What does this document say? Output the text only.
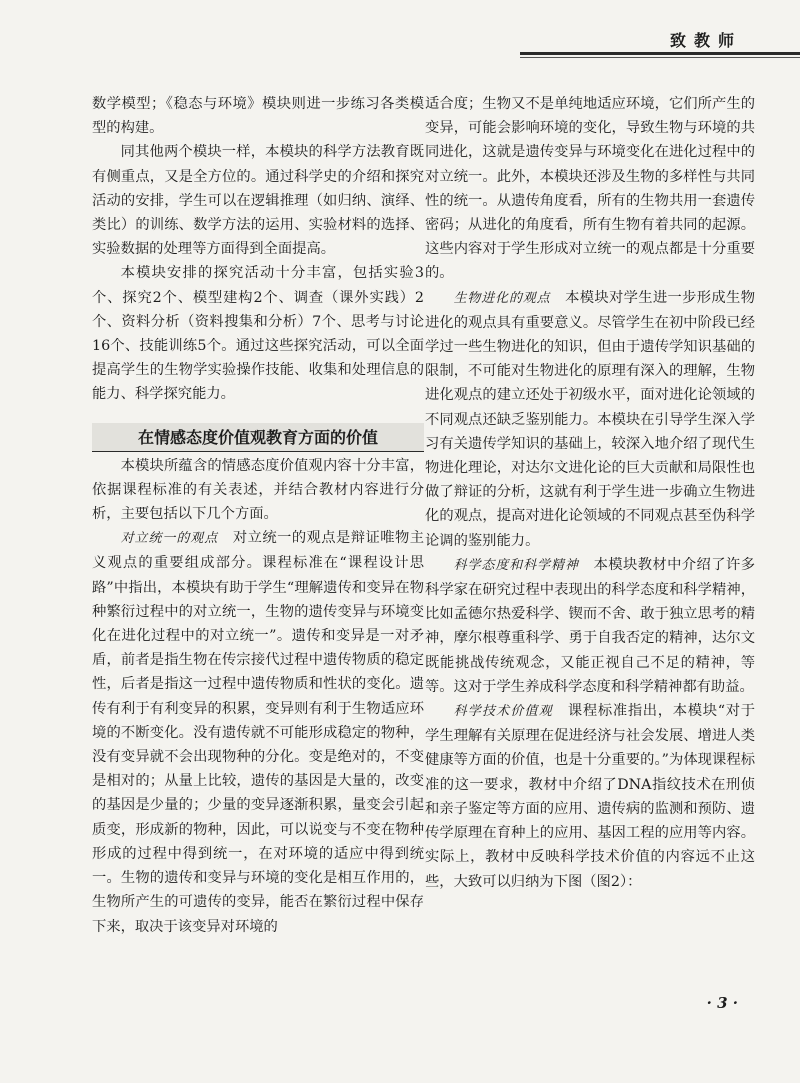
致教师

数学模型；《稳态与环境》模块则进一步练习各类模型的构建。

同其他两个模块一样，本模块的科学方法教育既有侧重点，又是全方位的。通过科学史的介绍和探究活动的安排，学生可以在逻辑推理（如归纳、演绎、类比）的训练、数学方法的运用、实验材料的选择、实验数据的处理等方面得到全面提高。

本模块安排的探究活动十分丰富，包括实验3个、探究2个、模型建构2个、调查（课外实践）2个、资料分析（资料搜集和分析）7个、思考与讨论16个、技能训练5个。通过这些探究活动，可以全面提高学生的生物学实验操作技能、收集和处理信息的能力、科学探究能力。

在情感态度价值观教育方面的价值

本模块所蕴含的情感态度价值观内容十分丰富，依据课程标准的有关表述，并结合教材内容进行分析，主要包括以下几个方面。

对立统一的观点　 对立统一的观点是辩证唯物主义观点的重要组成部分。课程标准在“课程设计思路”中指出，本模块有助于学生“理解遗传和变异在物种繁衍过程中的对立统一，生物的遗传变异与环境变化在进化过程中的对立统一”。遗传和变异是一对矛盾，前者是指生物在传宗接代过程中遗传物质的稳定性，后者是指这一过程中遗传物质和性状的变化。遗传有利于有利变异的积累，变异则有利于生物适应环境的不断变化。没有遗传就不可能形成稳定的物种，没有变异就不会出现物种的分化。变是绝对的，不变是相对的；从量上比较，遗传的基因是大量的，改变的基因是少量的；少量的变异逐渐积累，量变会引起质变，形成新的物种，因此，可以说变与不变在物种形成的过程中得到统一，在对环境的适应中得到统一。生物的遗传和变异与环境的变化是相互作用的，生物所产生的可遗传的变异，能否在繁衍过程中保存下来，取决于该变异对环境的

适合度；生物又不是单纯地适应环境，它们所产生的变异，可能会影响环境的变化，导致生物与环境的共同进化，这就是遗传变异与环境变化在进化过程中的对立统一。此外，本模块还涉及生物的多样性与共同性的统一。从遗传角度看，所有的生物共用一套遗传密码；从进化的角度看，所有生物有着共同的起源。这些内容对于学生形成对立统一的观点都是十分重要的。

生物进化的观点　 本模块对学生进一步形成生物进化的观点具有重要意义。尽管学生在初中阶段已经学过一些生物进化的知识，但由于遗传学知识基础的限制，不可能对生物进化的原理有深入的理解，生物进化观点的建立还处于初级水平，面对进化论领域的不同观点还缺乏鉴别能力。本模块在引导学生深入学习有关遗传学知识的基础上，较深入地介绍了现代生物进化理论，对达尔文进化论的巨大贡献和局限性也做了辩证的分析，这就有利于学生进一步确立生物进化的观点，提高对进化论领域的不同观点甚至伪科学论调的鉴别能力。

科学态度和科学精神　 本模块教材中介绍了许多科学家在研究过程中表现出的科学态度和科学精神，比如孟德尔热爱科学、锲而不舍、敢于独立思考的精神，摩尔根尊重科学、勇于自我否定的精神，达尔文既能挑战传统观念，又能正视自己不足的精神，等等。这对于学生养成科学态度和科学精神都有助益。

科学技术价值观　 课程标准指出，本模块“对于学生理解有关原理在促进经济与社会发展、增进人类健康等方面的价值，也是十分重要的。”为体现课程标准的这一要求，教材中介绍了DNA指纹技术在刑侦和亲子鉴定等方面的应用、遗传病的监测和预防、遗传学原理在育种上的应用、基因工程的应用等内容。实际上，教材中反映科学技术价值的内容远不止这些，大致可以归纳为下图（图2）：

· 3 ·
